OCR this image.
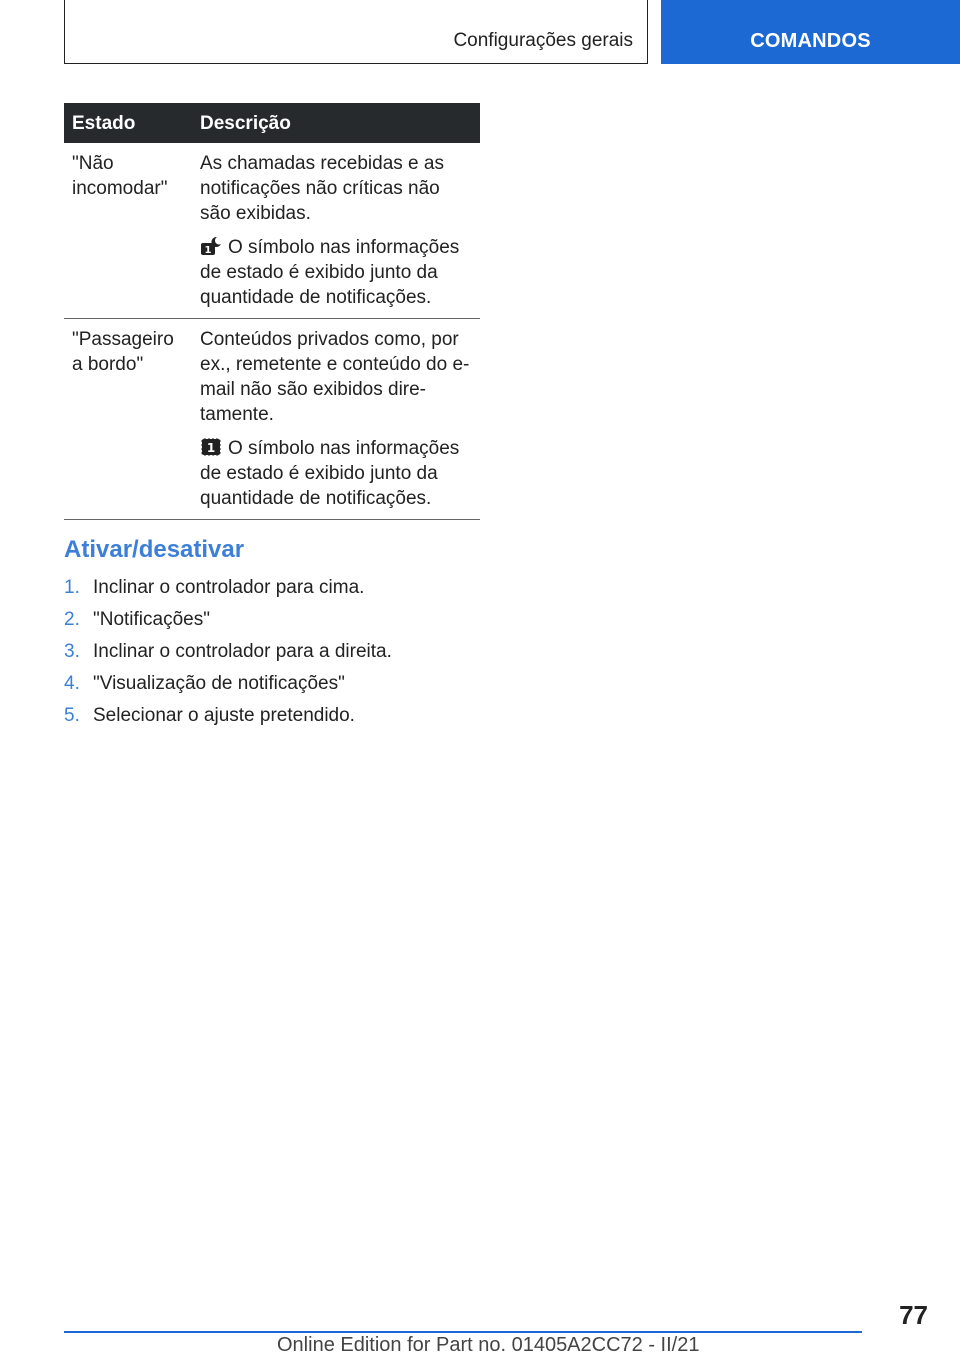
Configurações gerais	COMANDOS
Estado	Descrição
"Não incomodar"	As chamadas recebidas e as notificações não críticas não são exibidas.

1 O símbolo nas informações de estado é exibido junto da quantidade de notificações.

"Passageiro a bordo"	Conteúdos privados como, por ex., remetente e conteúdo do e-mail não são exibidos dire-tamente.

1 O símbolo nas informações de estado é exibido junto da quantidade de notificações.

Ativar/desativar
1. Inclinar o controlador para cima.
2. "Notificações"
3. Inclinar o controlador para a direita.
4. "Visualização de notificações"
5. Selecionar o ajuste pretendido.
77
Online Edition for Part no. 01405A2CC72 - II/21
